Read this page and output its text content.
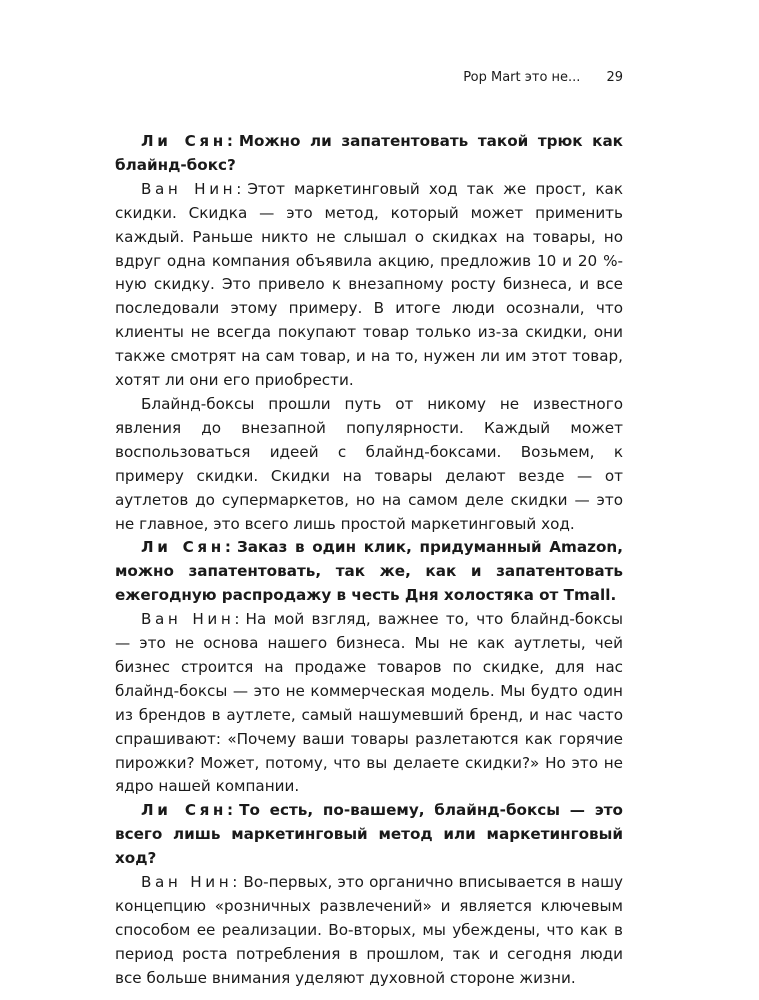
Pop Mart это не... 29

Ли Сян: Можно ли запатентовать такой трюк как блайнд-бокс?

Ван Нин: Этот маркетинговый ход так же прост, как скидки. Скидка — это метод, который может применить каждый. Раньше никто не слышал о скидках на товары, но вдруг одна компания объявила акцию, предложив 10 и 20 %-ную скидку. Это привело к внезапному росту бизнеса, и все последовали этому примеру. В итоге люди осознали, что клиенты не всегда покупают товар только из-за скидки, они также смотрят на сам товар, и на то, нужен ли им этот товар, хотят ли они его приобрести.

Блайнд-боксы прошли путь от никому не известного явления до внезапной популярности. Каждый может воспользоваться идеей с блайнд-боксами. Возьмем, к примеру скидки. Скидки на товары делают везде — от аутлетов до супермаркетов, но на самом деле скидки — это не главное, это всего лишь простой маркетинговый ход.

Ли Сян: Заказ в один клик, придуманный Amazon, можно запатентовать, так же, как и запатентовать ежегодную распродажу в честь Дня холостяка от Tmall.

Ван Нин: На мой взгляд, важнее то, что блайнд-боксы — это не основа нашего бизнеса. Мы не как аутлеты, чей бизнес строится на продаже товаров по скидке, для нас блайнд-боксы — это не коммерческая модель. Мы будто один из брендов в аутлете, самый нашумевший бренд, и нас часто спрашивают: «Почему ваши товары разлетаются как горячие пирожки? Может, потому, что вы делаете скидки?» Но это не ядро нашей компании.

Ли Сян: То есть, по-вашему, блайнд-боксы — это всего лишь маркетинговый метод или маркетинговый ход?

Ван Нин: Во-первых, это органично вписывается в нашу концепцию «розничных развлечений» и является ключевым способом ее реализации. Во-вторых, мы убеждены, что как в период роста потребления в прошлом, так и сегодня люди все больше внимания уделяют духовной стороне жизни.
